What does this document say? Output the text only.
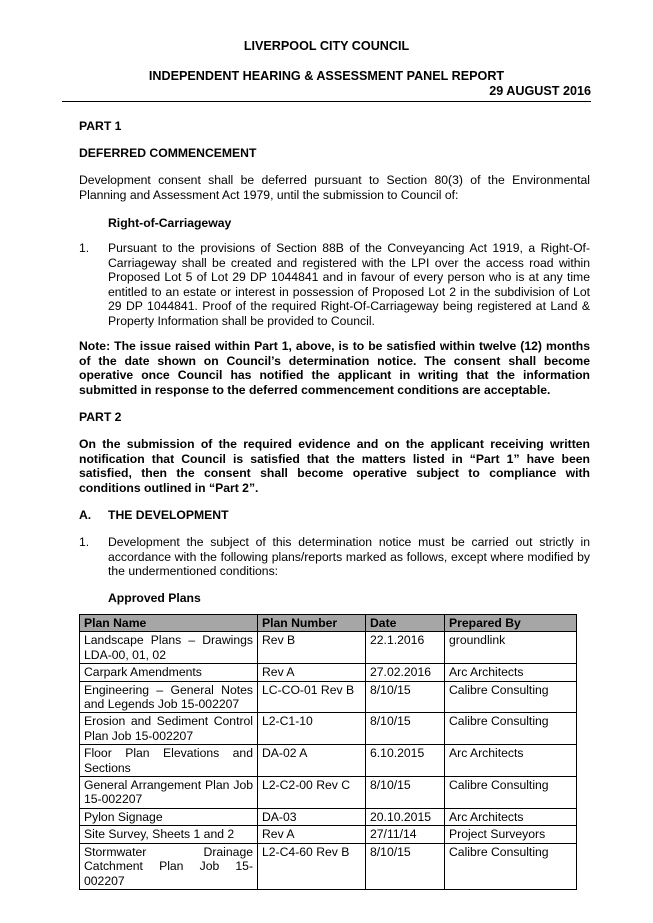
LIVERPOOL CITY COUNCIL
INDEPENDENT HEARING & ASSESSMENT PANEL REPORT
29 AUGUST 2016
PART 1
DEFERRED COMMENCEMENT
Development consent shall be deferred pursuant to Section 80(3) of the Environmental Planning and Assessment Act 1979, until the submission to Council of:
Right-of-Carriageway
1.	Pursuant to the provisions of Section 88B of the Conveyancing Act 1919, a Right-Of-Carriageway shall be created and registered with the LPI over the access road within Proposed Lot 5 of Lot 29 DP 1044841 and in favour of every person who is at any time entitled to an estate or interest in possession of Proposed Lot 2 in the subdivision of Lot 29 DP 1044841. Proof of the required Right-Of-Carriageway being registered at Land & Property Information shall be provided to Council.
Note: The issue raised within Part 1, above, is to be satisfied within twelve (12) months of the date shown on Council’s determination notice. The consent shall become operative once Council has notified the applicant in writing that the information submitted in response to the deferred commencement conditions are acceptable.
PART 2
On the submission of the required evidence and on the applicant receiving written notification that Council is satisfied that the matters listed in “Part 1” have been satisfied, then the consent shall become operative subject to compliance with conditions outlined in “Part 2”.
A. THE DEVELOPMENT
1.	Development the subject of this determination notice must be carried out strictly in accordance with the following plans/reports marked as follows, except where modified by the undermentioned conditions:
Approved Plans
Plan Name	Plan Number	Date	Prepared By
Landscape Plans – Drawings LDA-00, 01, 02	Rev B	22.1.2016	groundlink
Carpark Amendments	Rev A	27.02.2016	Arc Architects
Engineering – General Notes and Legends Job 15-002207	LC-CO-01 Rev B	8/10/15	Calibre Consulting
Erosion and Sediment Control Plan Job 15-002207	L2-C1-10	8/10/15	Calibre Consulting
Floor Plan Elevations and Sections	DA-02 A	6.10.2015	Arc Architects
General Arrangement Plan Job 15-002207	L2-C2-00 Rev C	8/10/15	Calibre Consulting
Pylon Signage	DA-03	20.10.2015	Arc Architects
Site Survey, Sheets 1 and 2	Rev A	27/11/14	Project Surveyors
Stormwater Drainage Catchment Plan Job 15-002207	L2-C4-60 Rev B	8/10/15	Calibre Consulting
